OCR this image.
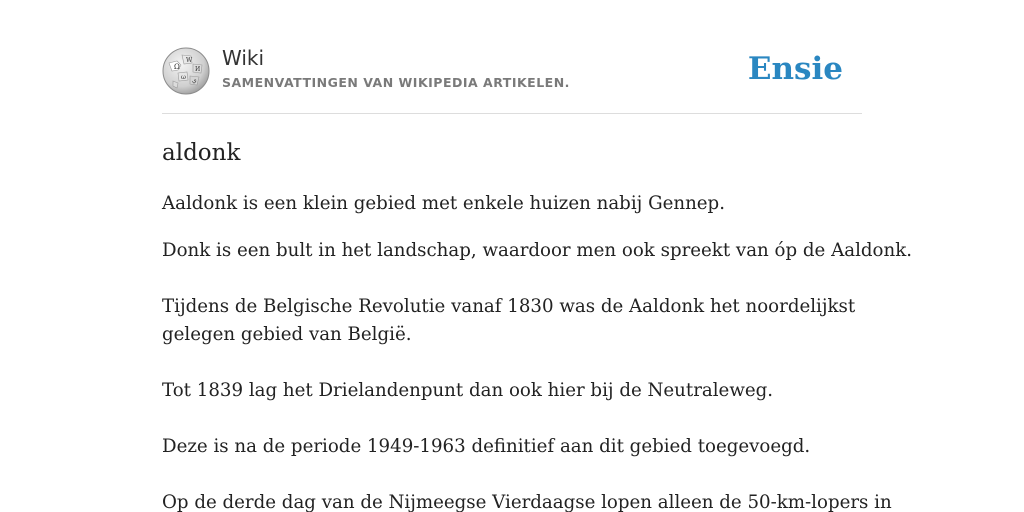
Ω
W
И
ω ي
Wiki
SAMENVATTINGEN VAN WIKIPEDIA ARTIKELEN.	Ensie
aldonk

Aaldonk is een klein gebied met enkele huizen nabij Gennep.

Donk is een bult in het landschap, waardoor men ook spreekt van óp de Aaldonk.

Tijdens de Belgische Revolutie vanaf 1830 was de Aaldonk het noordelijkst

gelegen gebied van België.

Tot 1839 lag het Drielandenpunt dan ook hier bij de Neutraleweg.

Deze is na de periode 1949-1963 definitief aan dit gebied toegevoegd.

Op de derde dag van de Nijmeegse Vierdaagse lopen alleen de 50-km-lopers in
